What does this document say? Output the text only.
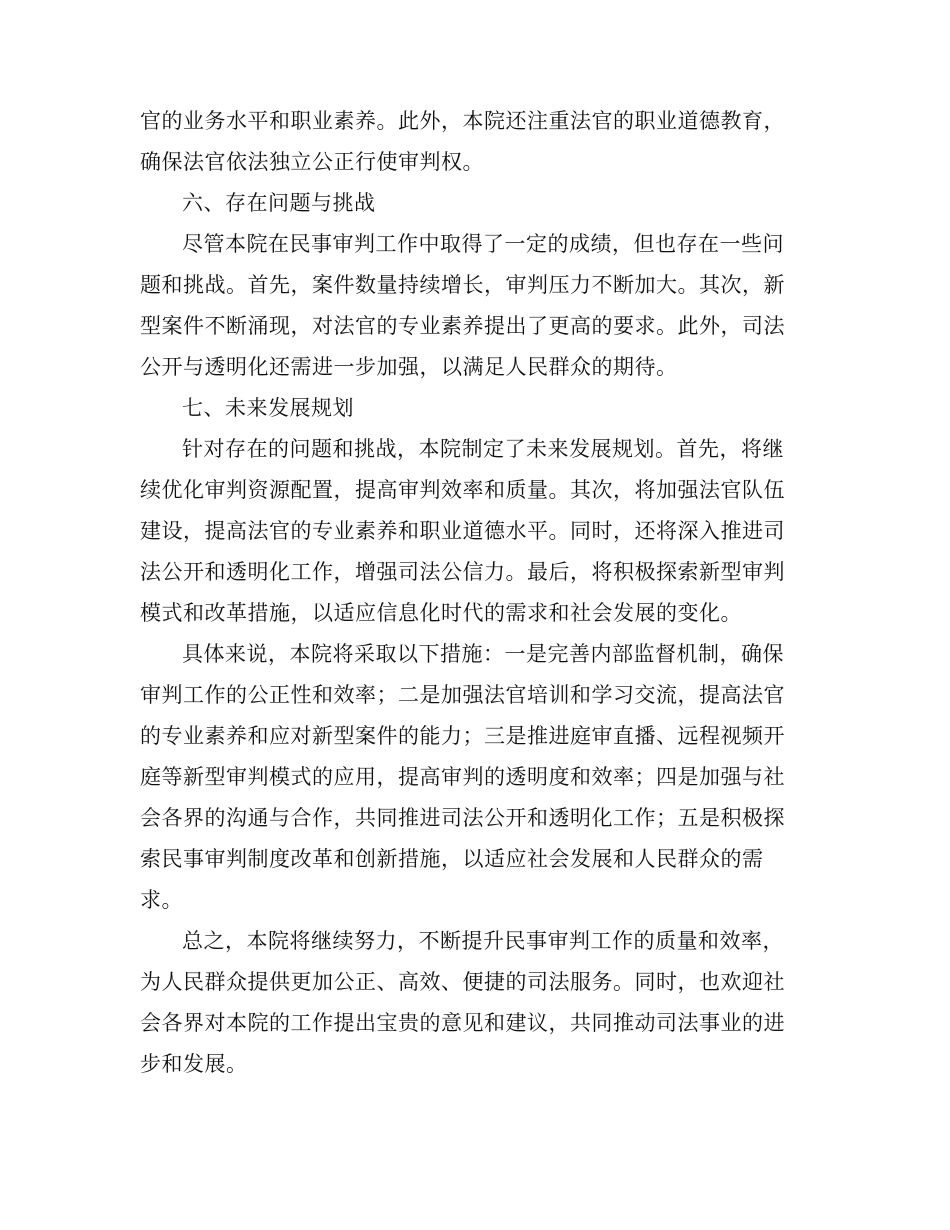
官的业务水平和职业素养。此外，本院还注重法官的职业道德教育，
确保法官依法独立公正行使审判权。
六、存在问题与挑战
尽管本院在民事审判工作中取得了一定的成绩，但也存在一些问
题和挑战。首先，案件数量持续增长，审判压力不断加大。其次，新
型案件不断涌现，对法官的专业素养提出了更高的要求。此外，司法
公开与透明化还需进一步加强，以满足人民群众的期待。
七、未来发展规划
针对存在的问题和挑战，本院制定了未来发展规划。首先，将继
续优化审判资源配置，提高审判效率和质量。其次，将加强法官队伍
建设，提高法官的专业素养和职业道德水平。同时，还将深入推进司
法公开和透明化工作，增强司法公信力。最后，将积极探索新型审判
模式和改革措施，以适应信息化时代的需求和社会发展的变化。
具体来说，本院将采取以下措施：一是完善内部监督机制，确保
审判工作的公正性和效率；二是加强法官培训和学习交流，提高法官
的专业素养和应对新型案件的能力；三是推进庭审直播、远程视频开
庭等新型审判模式的应用，提高审判的透明度和效率；四是加强与社
会各界的沟通与合作，共同推进司法公开和透明化工作；五是积极探
索民事审判制度改革和创新措施，以适应社会发展和人民群众的需
求。
总之，本院将继续努力，不断提升民事审判工作的质量和效率，
为人民群众提供更加公正、高效、便捷的司法服务。同时，也欢迎社
会各界对本院的工作提出宝贵的意见和建议，共同推动司法事业的进
步和发展。
